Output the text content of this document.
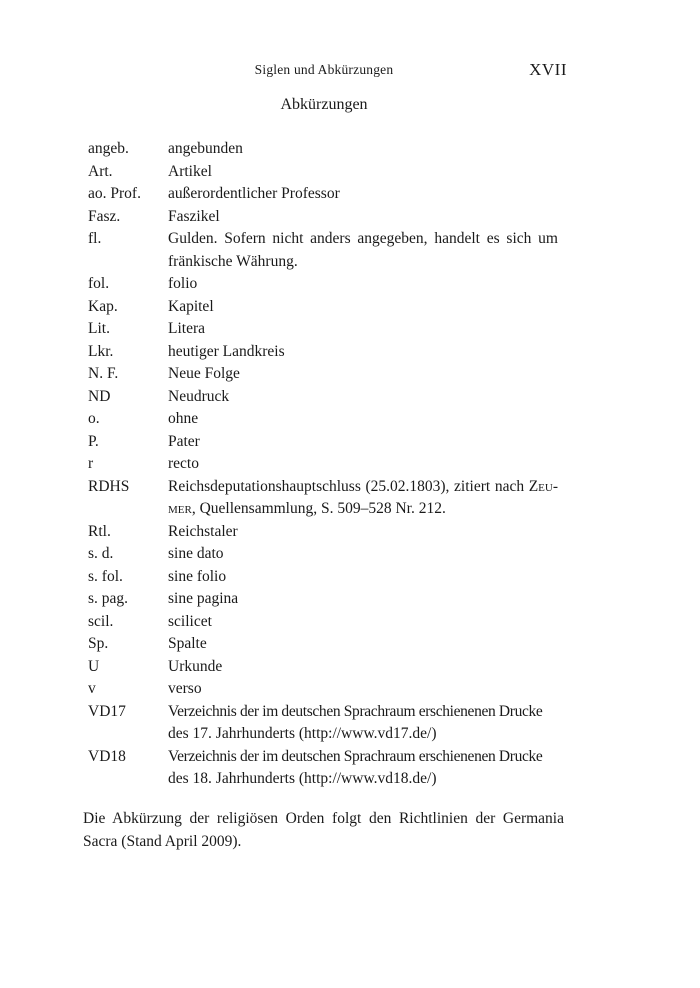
Siglen und Abkürzungen	XVII
Abkürzungen
angeb.	angebunden
Art.	Artikel
ao. Prof.	außerordentlicher Professor
Fasz.	Faszikel
fl.	Gulden. Sofern nicht anders angegeben, handelt es sich um
fränkische Währung.
fol.	folio
Kap.	Kapitel
Lit.	Litera
Lkr.	heutiger Landkreis
N. F.	Neue Folge
ND	Neudruck
o.	ohne
P.	Pater
r	recto
RDHS	Reichsdeputationshauptschluss (25.02.1803), zitiert nach Zeu-
mer, Quellensammlung, S. 509–528 Nr. 212.
Rtl.	Reichstaler
s. d.	sine dato
s. fol.	sine folio
s. pag.	sine pagina
scil.	scilicet
Sp.	Spalte
U	Urkunde
v	verso
VD17	Verzeichnis der im deutschen Sprachraum erschienenen Drucke
des 17. Jahrhunderts (http://www.vd17.de/)
VD18	Verzeichnis der im deutschen Sprachraum erschienenen Drucke
des 18. Jahrhunderts (http://www.vd18.de/)
Die Abkürzung der religiösen Orden folgt den Richtlinien der Germania Sacra (Stand April 2009).
